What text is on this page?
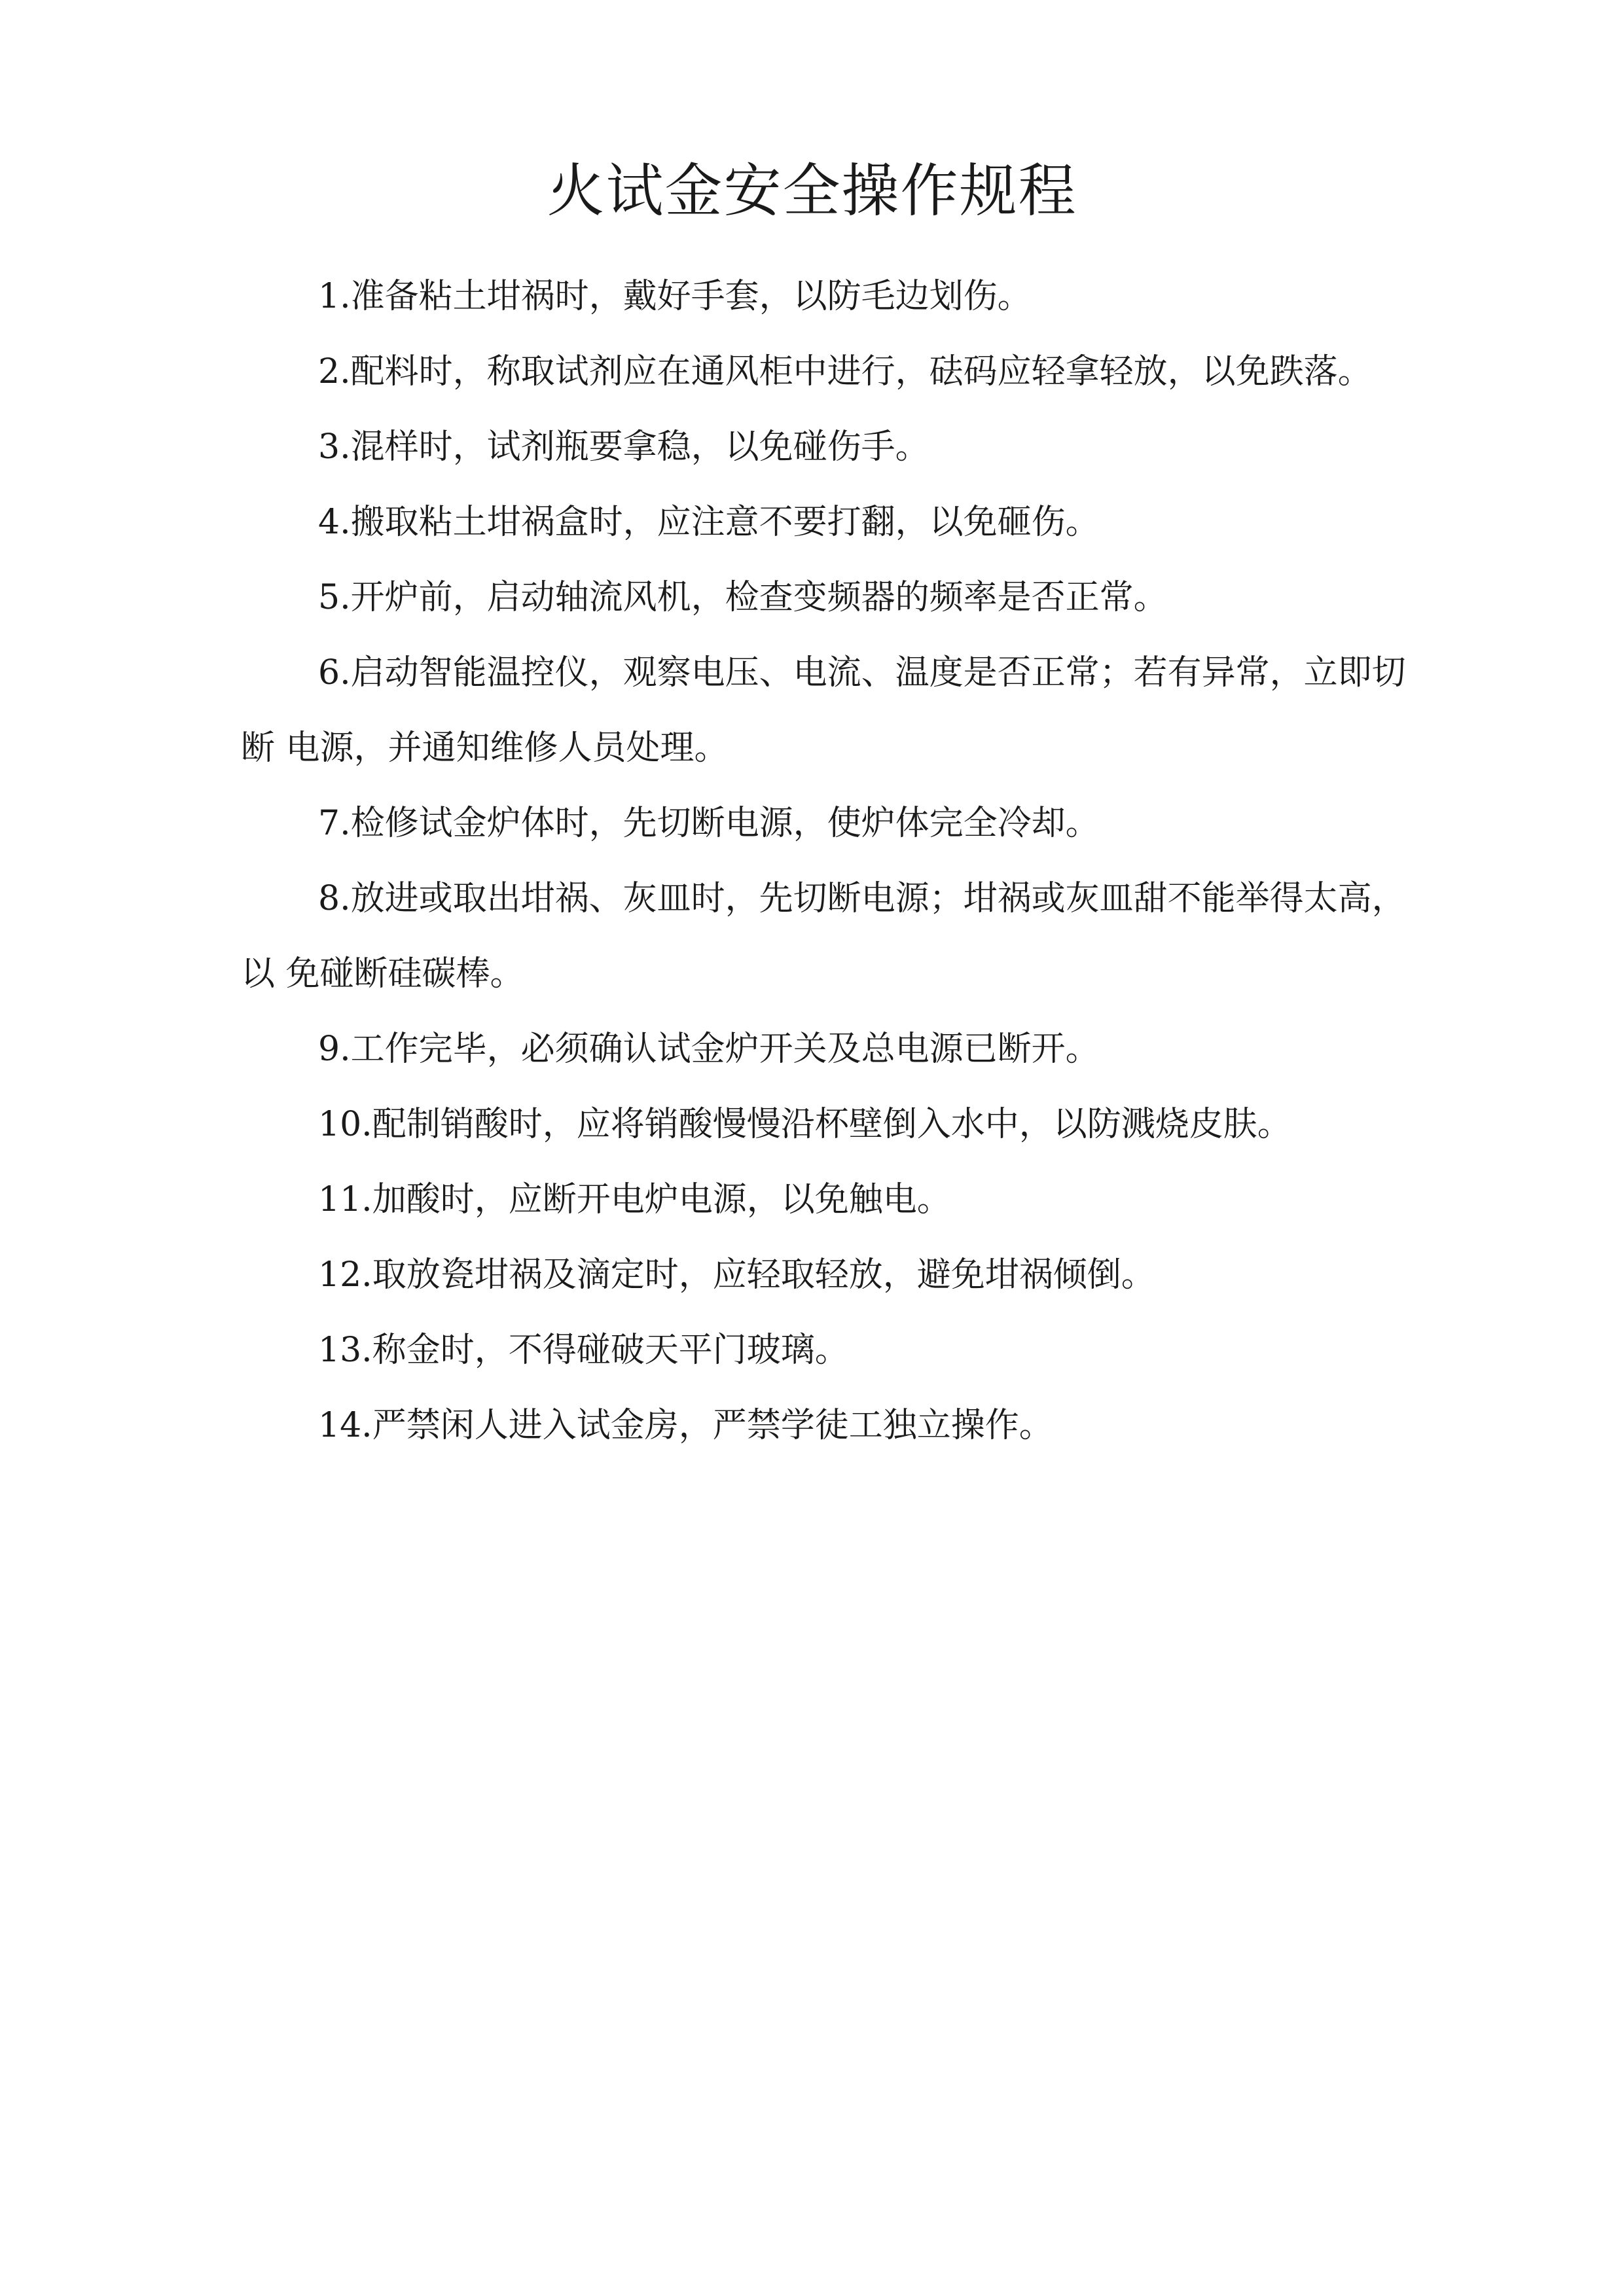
火试金安全操作规程

1.准备粘土坩祸时，戴好手套，以防毛边划伤。

2.配料时，称取试剂应在通风柜中进行，砝码应轻拿轻放，以免跌落。

3.混样时，试剂瓶要拿稳，以免碰伤手。

4.搬取粘土坩祸盒时，应注意不要打翻，以免砸伤。

5.开炉前，启动轴流风机，检查变频器的频率是否正常。

6.启动智能温控仪，观察电压、电流、温度是否正常；若有异常，立即切断 电源，并通知维修人员处理。

7.检修试金炉体时，先切断电源，使炉体完全冷却。

8.放进或取出坩祸、灰皿时，先切断电源；坩祸或灰皿甜不能举得太高，以 免碰断硅碳棒。

9.工作完毕，必须确认试金炉开关及总电源已断开。

10.配制销酸时，应将销酸慢慢沿杯壁倒入水中，以防溅烧皮肤。

11.加酸时，应断开电炉电源，以免触电。

12.取放瓷坩祸及滴定时，应轻取轻放，避免坩祸倾倒。

13.称金时，不得碰破天平门玻璃。

14.严禁闲人进入试金房，严禁学徒工独立操作。
